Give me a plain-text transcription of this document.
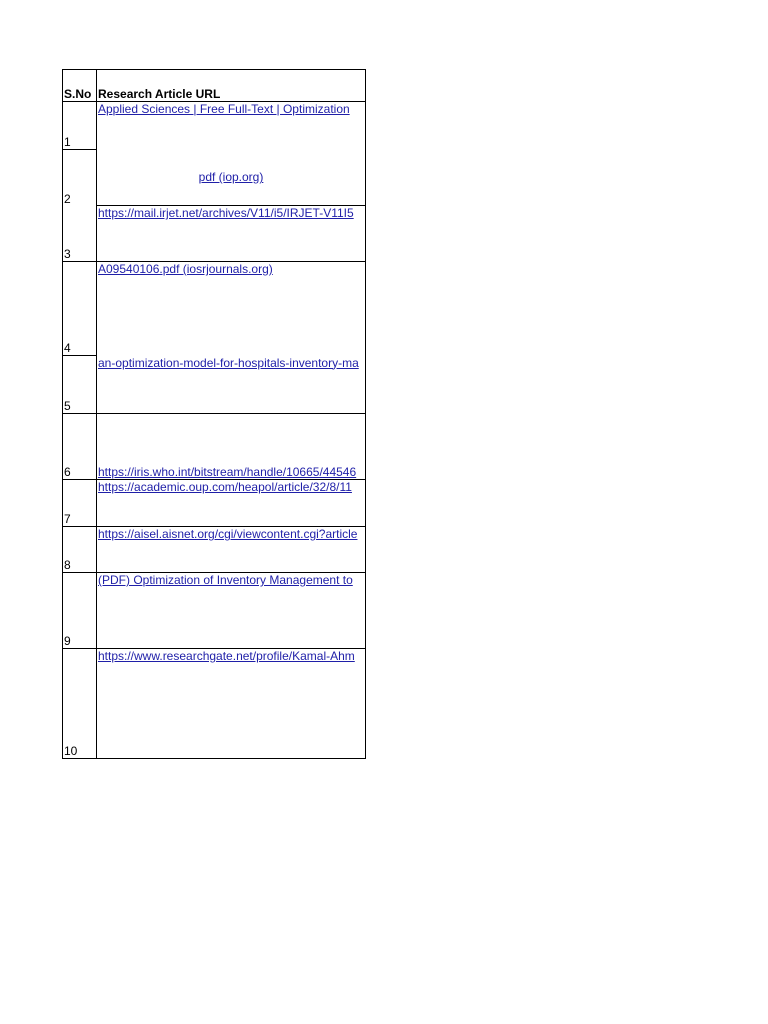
S.No	Research Article URL
1	Applied Sciences | Free Full-Text | Optimization
2	pdf (iop.org)
3	https://mail.irjet.net/archives/V11/i5/IRJET-V11I5
4	A09540106.pdf (iosrjournals.org)
5	an-optimization-model-for-hospitals-inventory-ma
6	https://iris.who.int/bitstream/handle/10665/44546
7	https://academic.oup.com/heapol/article/32/8/11
8	https://aisel.aisnet.org/cgi/viewcontent.cgi?article
9	(PDF) Optimization of Inventory Management to
10	https://www.researchgate.net/profile/Kamal-Ahm
